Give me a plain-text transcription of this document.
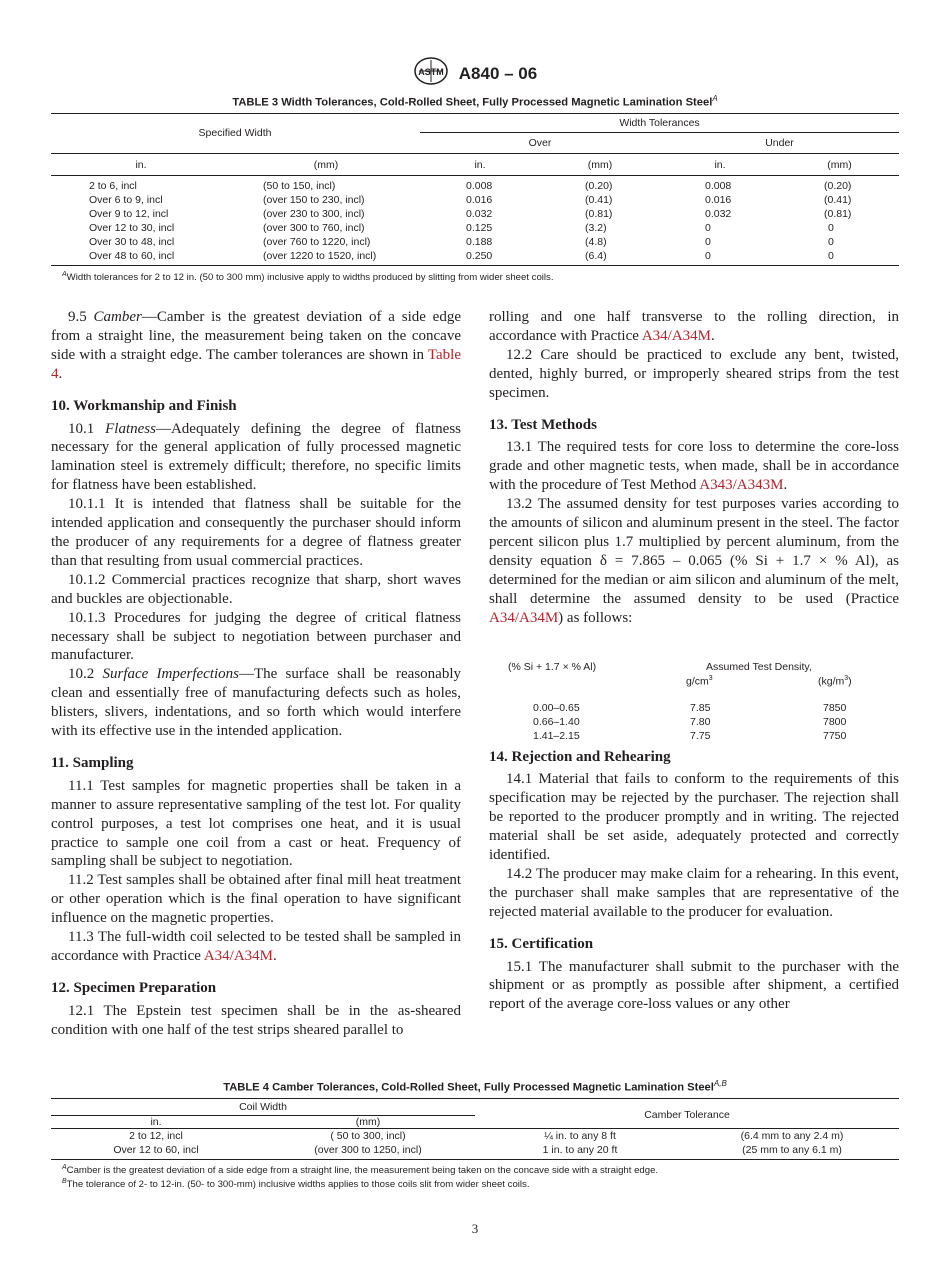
ASTM A840 – 06
TABLE 3 Width Tolerances, Cold-Rolled Sheet, Fully Processed Magnetic Lamination Steel$^A$
Specified Width
Width Tolerances
Over	Under
in.	(mm)	in.	(mm)	in.	(mm)
2 to 6, incl	(50 to 150, incl)	0.008	(0.20)	0.008	(0.20)
Over 6 to 9, incl	(over 150 to 230, incl)	0.016	(0.41)	0.016	(0.41)
Over 9 to 12, incl	(over 230 to 300, incl)	0.032	(0.81)	0.032	(0.81)
Over 12 to 30, incl	(over 300 to 760, incl)	0.125	(3.2)	0	0
Over 30 to 48, incl	(over 760 to 1220, incl)	0.188	(4.8)	0	0
Over 48 to 60, incl	(over 1220 to 1520, incl)	0.250	(6.4)	0	0
$^A$Width tolerances for 2 to 12 in. (50 to 300 mm) inclusive apply to widths produced by slitting from wider sheet coils.

9.5 Camber—Camber is the greatest deviation of a side edge from a straight line, the measurement being taken on the concave side with a straight edge. The camber tolerances are shown in Table 4.

10. Workmanship and Finish

10.1 Flatness—Adequately defining the degree of flatness necessary for the general application of fully processed magnetic lamination steel is extremely difficult; therefore, no specific limits for flatness have been established.

10.1.1 It is intended that flatness shall be suitable for the intended application and consequently the purchaser should inform the producer of any requirements for a degree of flatness greater than that resulting from usual commercial practices.

10.1.2 Commercial practices recognize that sharp, short waves and buckles are objectionable.

10.1.3 Procedures for judging the degree of critical flatness necessary shall be subject to negotiation between purchaser and manufacturer.

10.2 Surface Imperfections—The surface shall be reasonably clean and essentially free of manufacturing defects such as holes, blisters, slivers, indentations, and so forth which would interfere with its effective use in the intended application.

11. Sampling

11.1 Test samples for magnetic properties shall be taken in a manner to assure representative sampling of the test lot. For quality control purposes, a test lot comprises one heat, and it is usual practice to sample one coil from a cast or heat. Frequency of sampling shall be subject to negotiation.

11.2 Test samples shall be obtained after final mill heat treatment or other operation which is the final operation to have significant influence on the magnetic properties.

11.3 The full-width coil selected to be tested shall be sampled in accordance with Practice A34/A34M.

12. Specimen Preparation

12.1 The Epstein test specimen shall be in the as-sheared condition with one half of the test strips sheared parallel to

rolling and one half transverse to the rolling direction, in accordance with Practice A34/A34M.

12.2 Care should be practiced to exclude any bent, twisted, dented, highly burred, or improperly sheared strips from the test specimen.

13. Test Methods

13.1 The required tests for core loss to determine the core-loss grade and other magnetic tests, when made, shall be in accordance with the procedure of Test Method A343/A343M.

13.2 The assumed density for test purposes varies according to the amounts of silicon and aluminum present in the steel. The factor percent silicon plus 1.7 multiplied by percent aluminum, from the density equation δ = 7.865 – 0.065 (% Si + 1.7 × % Al), as determined for the median or aim silicon and aluminum of the melt, shall determine the assumed density to be used (Practice A34/A34M) as follows:

14. Rejection and Rehearing

14.1 Material that fails to conform to the requirements of this specification may be rejected by the purchaser. The rejection shall be reported to the producer promptly and in writing. The rejected material shall be set aside, adequately protected and correctly identified.

14.2 The producer may make claim for a rehearing. In this event, the purchaser shall make samples that are representative of the rejected material available to the producer for evaluation.

15. Certification

15.1 The manufacturer shall submit to the purchaser with the shipment or as promptly as possible after shipment, a certified report of the average core-loss values or any other

(% Si + 1.7 × % Al)	Assumed Test Density,
$g/cm^3$	$(kg/m^3)$
0.00–0.65	7.85	7850
0.66–1.40	7.80	7800
1.41–2.15	7.75	7750
TABLE 4 Camber Tolerances, Cold-Rolled Sheet, Fully Processed Magnetic Lamination Steel$^{A,B}$
Coil Width
in.	(mm)
Camber Tolerance
2 to 12, incl	( 50 to 300, incl)	¼ in. to any 8 ft	(6.4 mm to any 2.4 m)
Over 12 to 60, incl	(over 300 to 1250, incl)	1 in. to any 20 ft	(25 mm to any 6.1 m)
$^A$Camber is the greatest deviation of a side edge from a straight line, the measurement being taken on the concave side with a straight edge.
$^B$The tolerance of 2- to 12-in. (50- to 300-mm) inclusive widths applies to those coils slit from wider sheet coils.
3
